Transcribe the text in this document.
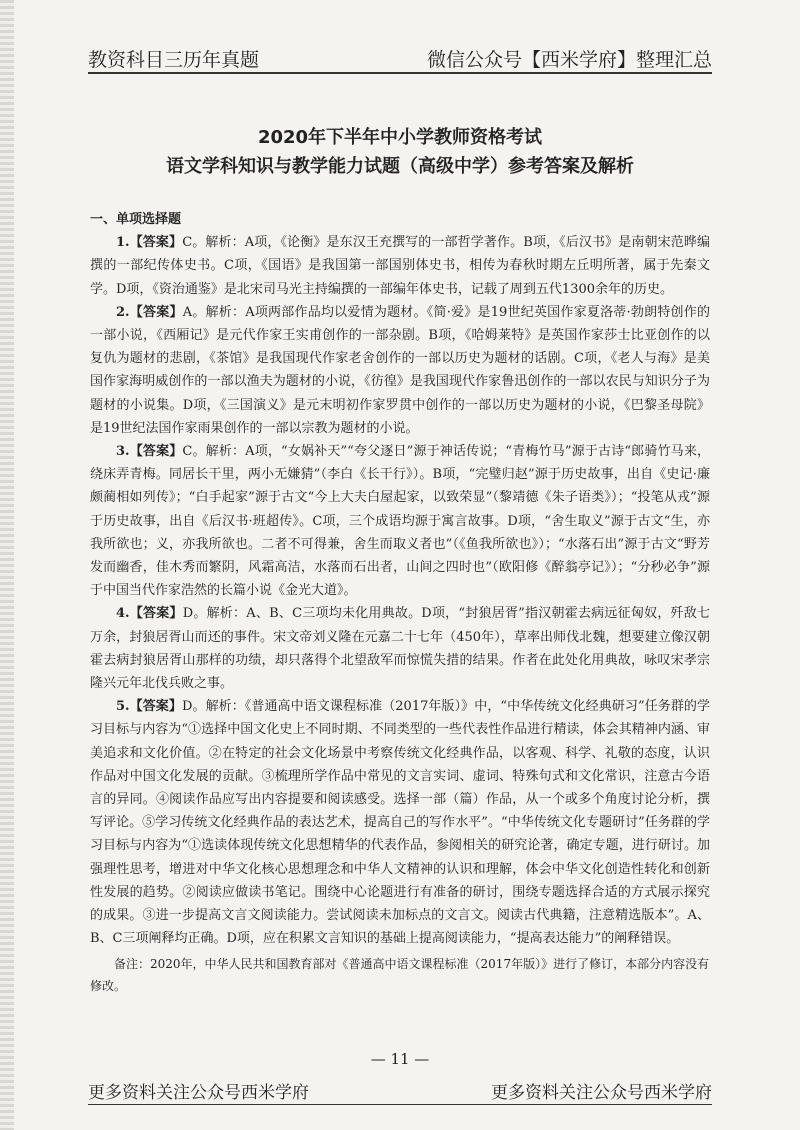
教资科目三历年真题	微信公众号【西米学府】整理汇总
2020年下半年中小学教师资格考试
语文学科知识与教学能力试题（高级中学）参考答案及解析

一、单项选择题

1.【答案】C。解析：A项，《论衡》是东汉王充撰写的一部哲学著作。B项，《后汉书》是南朝宋范晔编撰的一部纪传体史书。C项，《国语》是我国第一部国别体史书，相传为春秋时期左丘明所著，属于先秦文学。D项，《资治通鉴》是北宋司马光主持编撰的一部编年体史书，记载了周到五代1300余年的历史。

2.【答案】A。解析：A项两部作品均以爱情为题材。《简·爱》是19世纪英国作家夏洛蒂·勃朗特创作的一部小说，《西厢记》是元代作家王实甫创作的一部杂剧。B项，《哈姆莱特》是英国作家莎士比亚创作的以复仇为题材的悲剧，《茶馆》是我国现代作家老舍创作的一部以历史为题材的话剧。C项，《老人与海》是美国作家海明威创作的一部以渔夫为题材的小说，《彷徨》是我国现代作家鲁迅创作的一部以农民与知识分子为题材的小说集。D项，《三国演义》是元末明初作家罗贯中创作的一部以历史为题材的小说，《巴黎圣母院》是19世纪法国作家雨果创作的一部以宗教为题材的小说。

3.【答案】C。解析：A项，“女娲补天”“夸父逐日”源于神话传说；“青梅竹马”源于古诗“郎骑竹马来，绕床弄青梅。同居长干里，两小无嫌猜”（李白《长干行》）。B项，“完璧归赵”源于历史故事，出自《史记·廉颇蔺相如列传》；“白手起家”源于古文“今上大夫白屋起家，以致荣显”（黎靖德《朱子语类》）；“投笔从戎”源于历史故事，出自《后汉书·班超传》。C项，三个成语均源于寓言故事。D项，“舍生取义”源于古文“生，亦我所欲也；义，亦我所欲也。二者不可得兼，舍生而取义者也”（《鱼我所欲也》）；“水落石出”源于古文“野芳发而幽香，佳木秀而繁阴，风霜高洁，水落而石出者，山间之四时也”（欧阳修《醉翁亭记》）；“分秒必争”源于中国当代作家浩然的长篇小说《金光大道》。

4.【答案】D。解析：A、B、C三项均未化用典故。D项，“封狼居胥”指汉朝霍去病远征匈奴，歼敌七万余，封狼居胥山而还的事件。宋文帝刘义隆在元嘉二十七年（450年），草率出师伐北魏，想要建立像汉朝霍去病封狼居胥山那样的功绩，却只落得个北望敌军而惊慌失措的结果。作者在此处化用典故，咏叹宋孝宗隆兴元年北伐兵败之事。

5.【答案】D。解析：《普通高中语文课程标准（2017年版）》中，“中华传统文化经典研习”任务群的学习目标与内容为“①选择中国文化史上不同时期、不同类型的一些代表性作品进行精读，体会其精神内涵、审美追求和文化价值。②在特定的社会文化场景中考察传统文化经典作品，以客观、科学、礼敬的态度，认识作品对中国文化发展的贡献。③梳理所学作品中常见的文言实词、虚词、特殊句式和文化常识，注意古今语言的异同。④阅读作品应写出内容提要和阅读感受。选择一部（篇）作品，从一个或多个角度讨论分析，撰写评论。⑤学习传统文化经典作品的表达艺术，提高自己的写作水平”。“中华传统文化专题研讨”任务群的学习目标与内容为“①选读体现传统文化思想精华的代表作品，参阅相关的研究论著，确定专题，进行研讨。加强理性思考，增进对中华文化核心思想理念和中华人文精神的认识和理解，体会中华文化创造性转化和创新性发展的趋势。②阅读应做读书笔记。围绕中心论题进行有准备的研讨，围绕专题选择合适的方式展示探究的成果。③进一步提高文言文阅读能力。尝试阅读未加标点的文言文。阅读古代典籍，注意精选版本”。A、B、C三项阐释均正确。D项，应在积累文言知识的基础上提高阅读能力，“提高表达能力”的阐释错误。

备注：2020年，中华人民共和国教育部对《普通高中语文课程标准（2017年版）》进行了修订，本部分内容没有修改。

— 11 —
更多资料关注公众号西米学府	更多资料关注公众号西米学府
